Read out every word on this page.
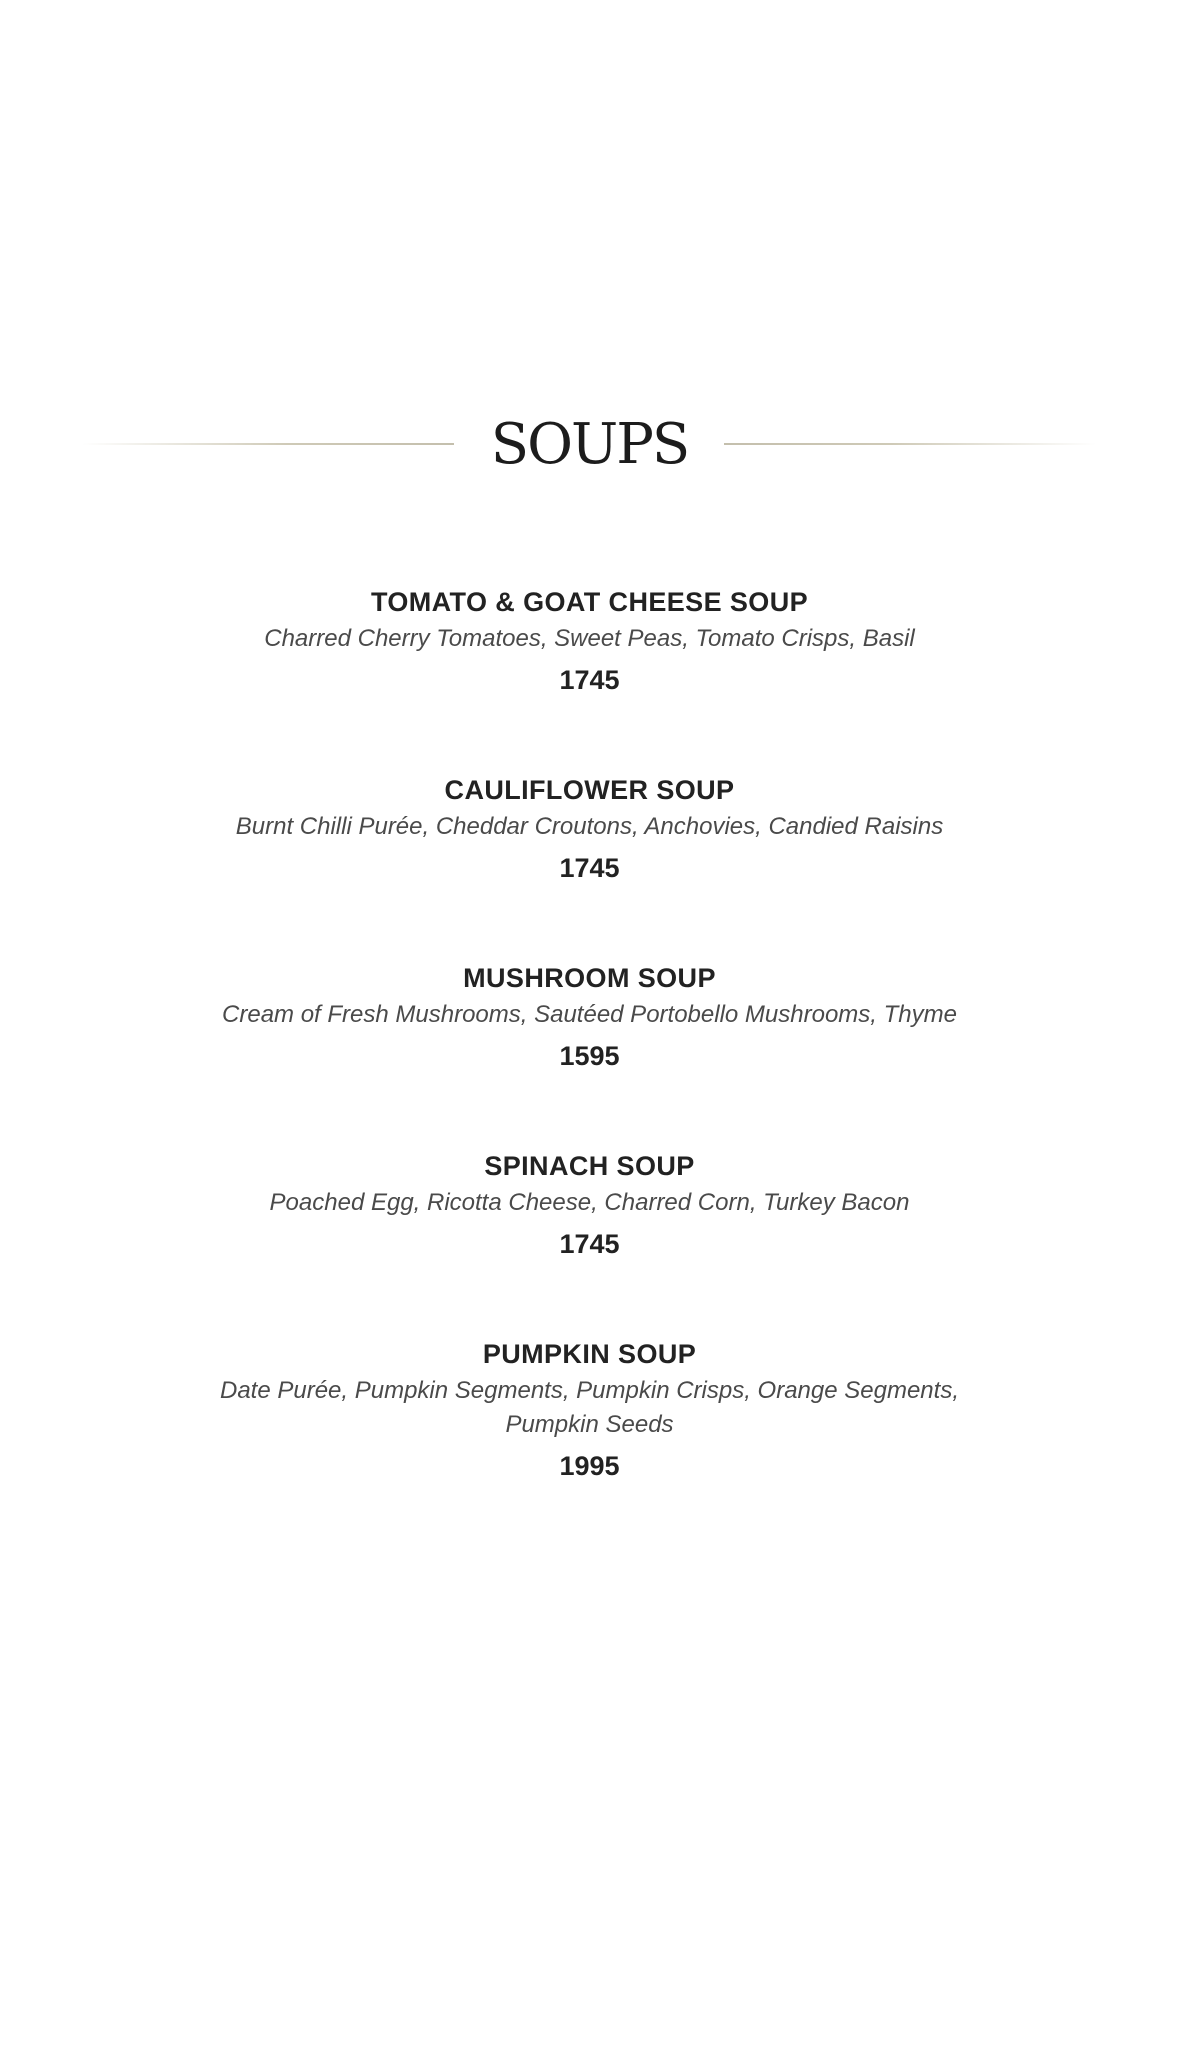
SOUPS

TOMATO & GOAT CHEESE SOUP

Charred Cherry Tomatoes, Sweet Peas, Tomato Crisps, Basil

1745

CAULIFLOWER SOUP

Burnt Chilli Purée, Cheddar Croutons, Anchovies, Candied Raisins

1745

MUSHROOM SOUP

Cream of Fresh Mushrooms, Sautéed Portobello Mushrooms, Thyme

1595

SPINACH SOUP

Poached Egg, Ricotta Cheese, Charred Corn, Turkey Bacon

1745

PUMPKIN SOUP

Date Purée, Pumpkin Segments, Pumpkin Crisps, Orange Segments, Pumpkin Seeds

1995
